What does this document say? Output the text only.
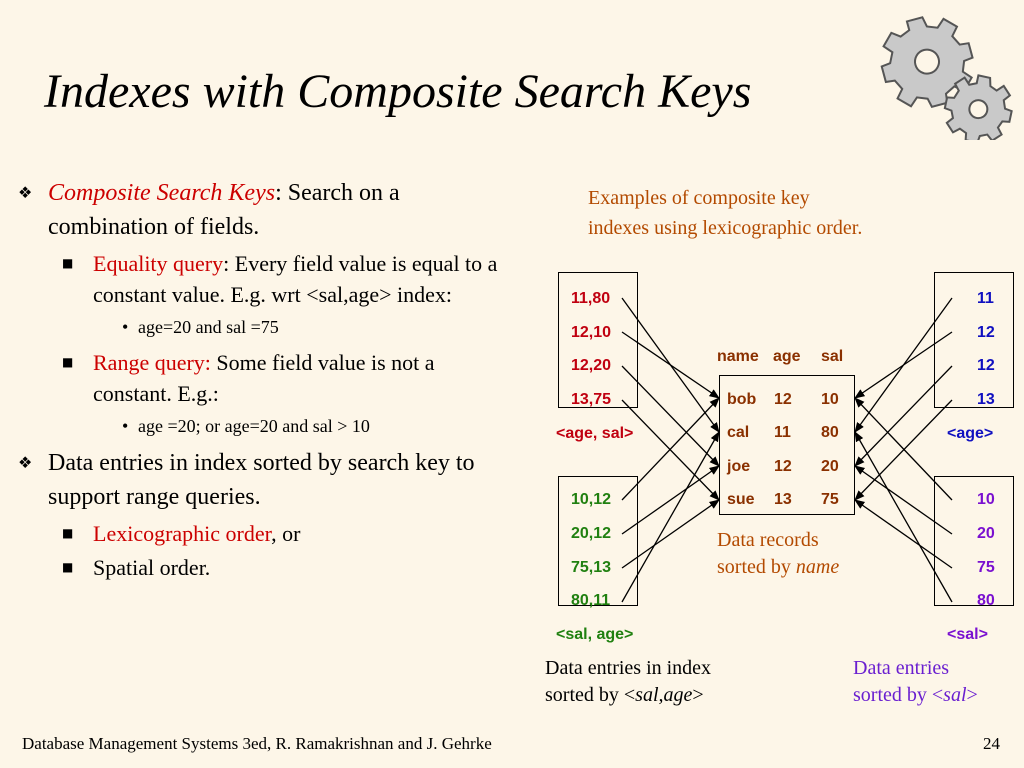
Indexes with Composite Search Keys
❖ Composite Search Keys: Search on a combination of fields.
■ Equality query: Every field value is equal to a constant value. E.g. wrt <sal,age> index:
• age=20 and sal =75
■ Range query: Some field value is not a constant. E.g.:
• age =20; or age=20 and sal > 10
❖ Data entries in index sorted by search key to support range queries.
■ Lexicographic order, or
■ Spatial order.
Examples of composite key
indexes using lexicographic order.
11,80
12,10
12,20
13,75
<age, sal>
10,12
20,12
75,13
80,11
<sal, age>
11
12
12
13
<age>
10
20
75
80
<sal>
name age sal
bob 12 10
cal 11 80
joe 12 20
sue 13 75
Data records
sorted by name
Data entries in index
sorted by <sal,age>
Data entries
sorted by <sal>
Database Management Systems 3ed, R. Ramakrishnan and J. Gehrke	24
